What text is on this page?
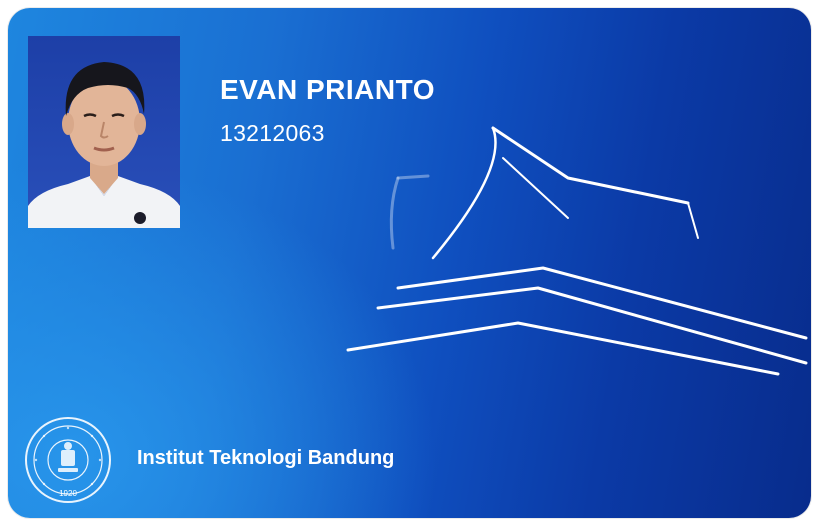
EVAN PRIANTO
13212063
1920
Institut Teknologi Bandung
